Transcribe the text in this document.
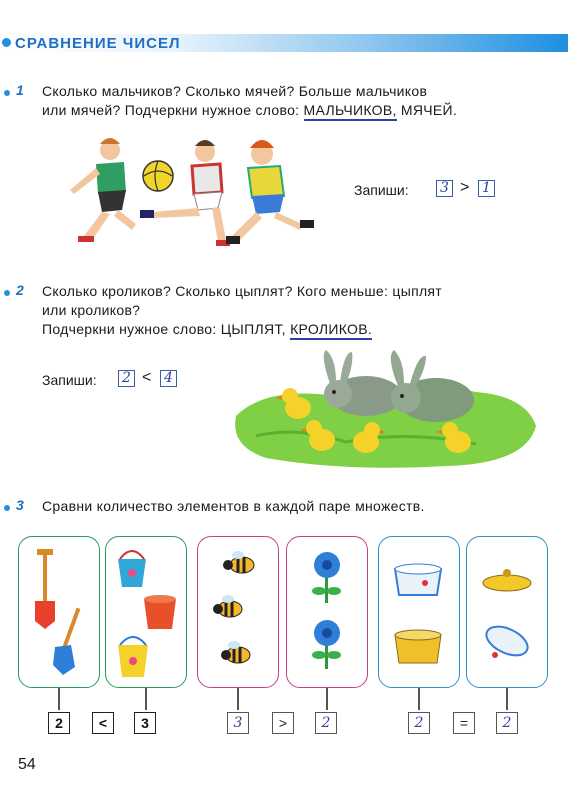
СРАВНЕНИЕ ЧИСЕЛ
1 Сколько мальчиков? Сколько мячей? Больше мальчиков
или мячей? Подчеркни нужное слово: МАЛЬЧИКОВ, МЯЧЕЙ.
Запиши: 3 > 1
2 Сколько кроликов? Сколько цыплят? Кого меньше: цыплят
или кроликов?
Подчеркни нужное слово: ЦЫПЛЯТ, КРОЛИКОВ.
Запиши: 2 < 4
3 Сравни количество элементов в каждой паре множеств.
2	<	3	3	>	2	2	=	2
54
